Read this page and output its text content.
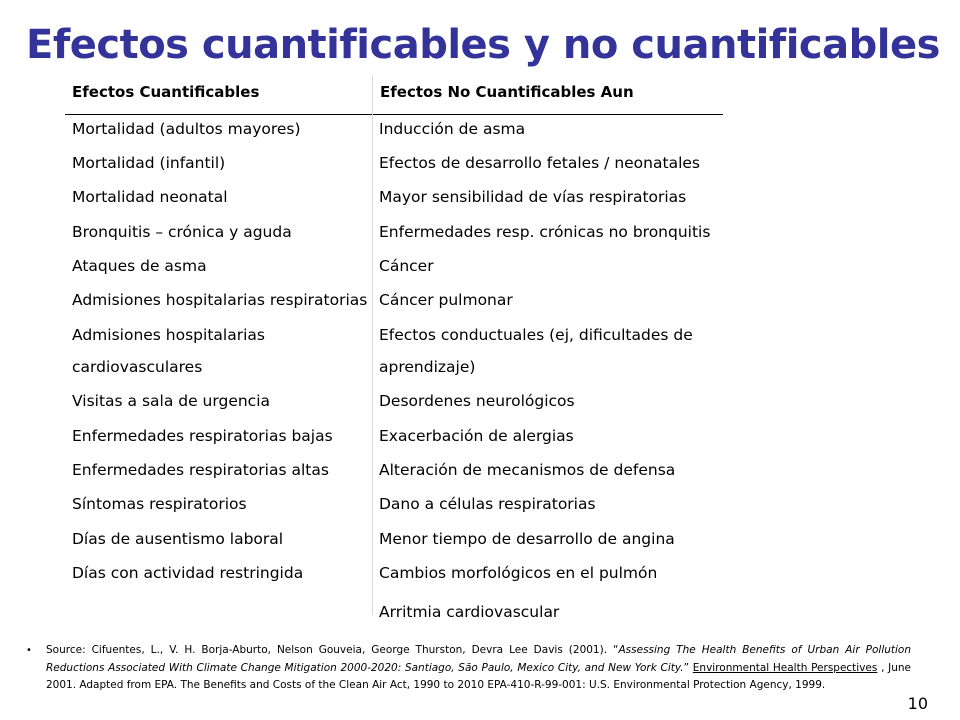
Efectos cuantificables y no cuantificables
Efectos Cuantificables	Efectos No Cuantificables Aun
Mortalidad (adultos mayores)
Mortalidad (infantil)
Mortalidad neonatal
Bronquitis – crónica y aguda
Ataques de asma
Admisiones hospitalarias respiratorias
Admisiones hospitalarias
cardiovasculares
Visitas a sala de urgencia
Enfermedades respiratorias bajas
Enfermedades respiratorias altas
Síntomas respiratorios
Días de ausentismo laboral
Días con actividad restringida
Inducción de asma
Efectos de desarrollo fetales / neonatales
Mayor sensibilidad de vías respiratorias
Enfermedades resp. crónicas no bronquitis
Cáncer
Cáncer pulmonar
Efectos conductuales (ej, dificultades de
aprendizaje)
Desordenes neurológicos
Exacerbación de alergias
Alteración de mecanismos de defensa
Dano a células respiratorias
Menor tiempo de desarrollo de angina
Cambios morfológicos en el pulmón
Arritmia cardiovascular
• Source: Cifuentes, L., V. H. Borja-Aburto, Nelson Gouveia, George Thurston, Devra Lee Davis (2001). “Assessing The Health Benefits of Urban Air Pollution Reductions Associated With Climate Change Mitigation 2000-2020: Santiago, São Paulo, Mexico City, and New York City.” Environmental Health Perspectives , June 2001. Adapted from EPA. The Benefits and Costs of the Clean Air Act, 1990 to 2010 EPA-410-R-99-001: U.S. Environmental Protection Agency, 1999.
10
